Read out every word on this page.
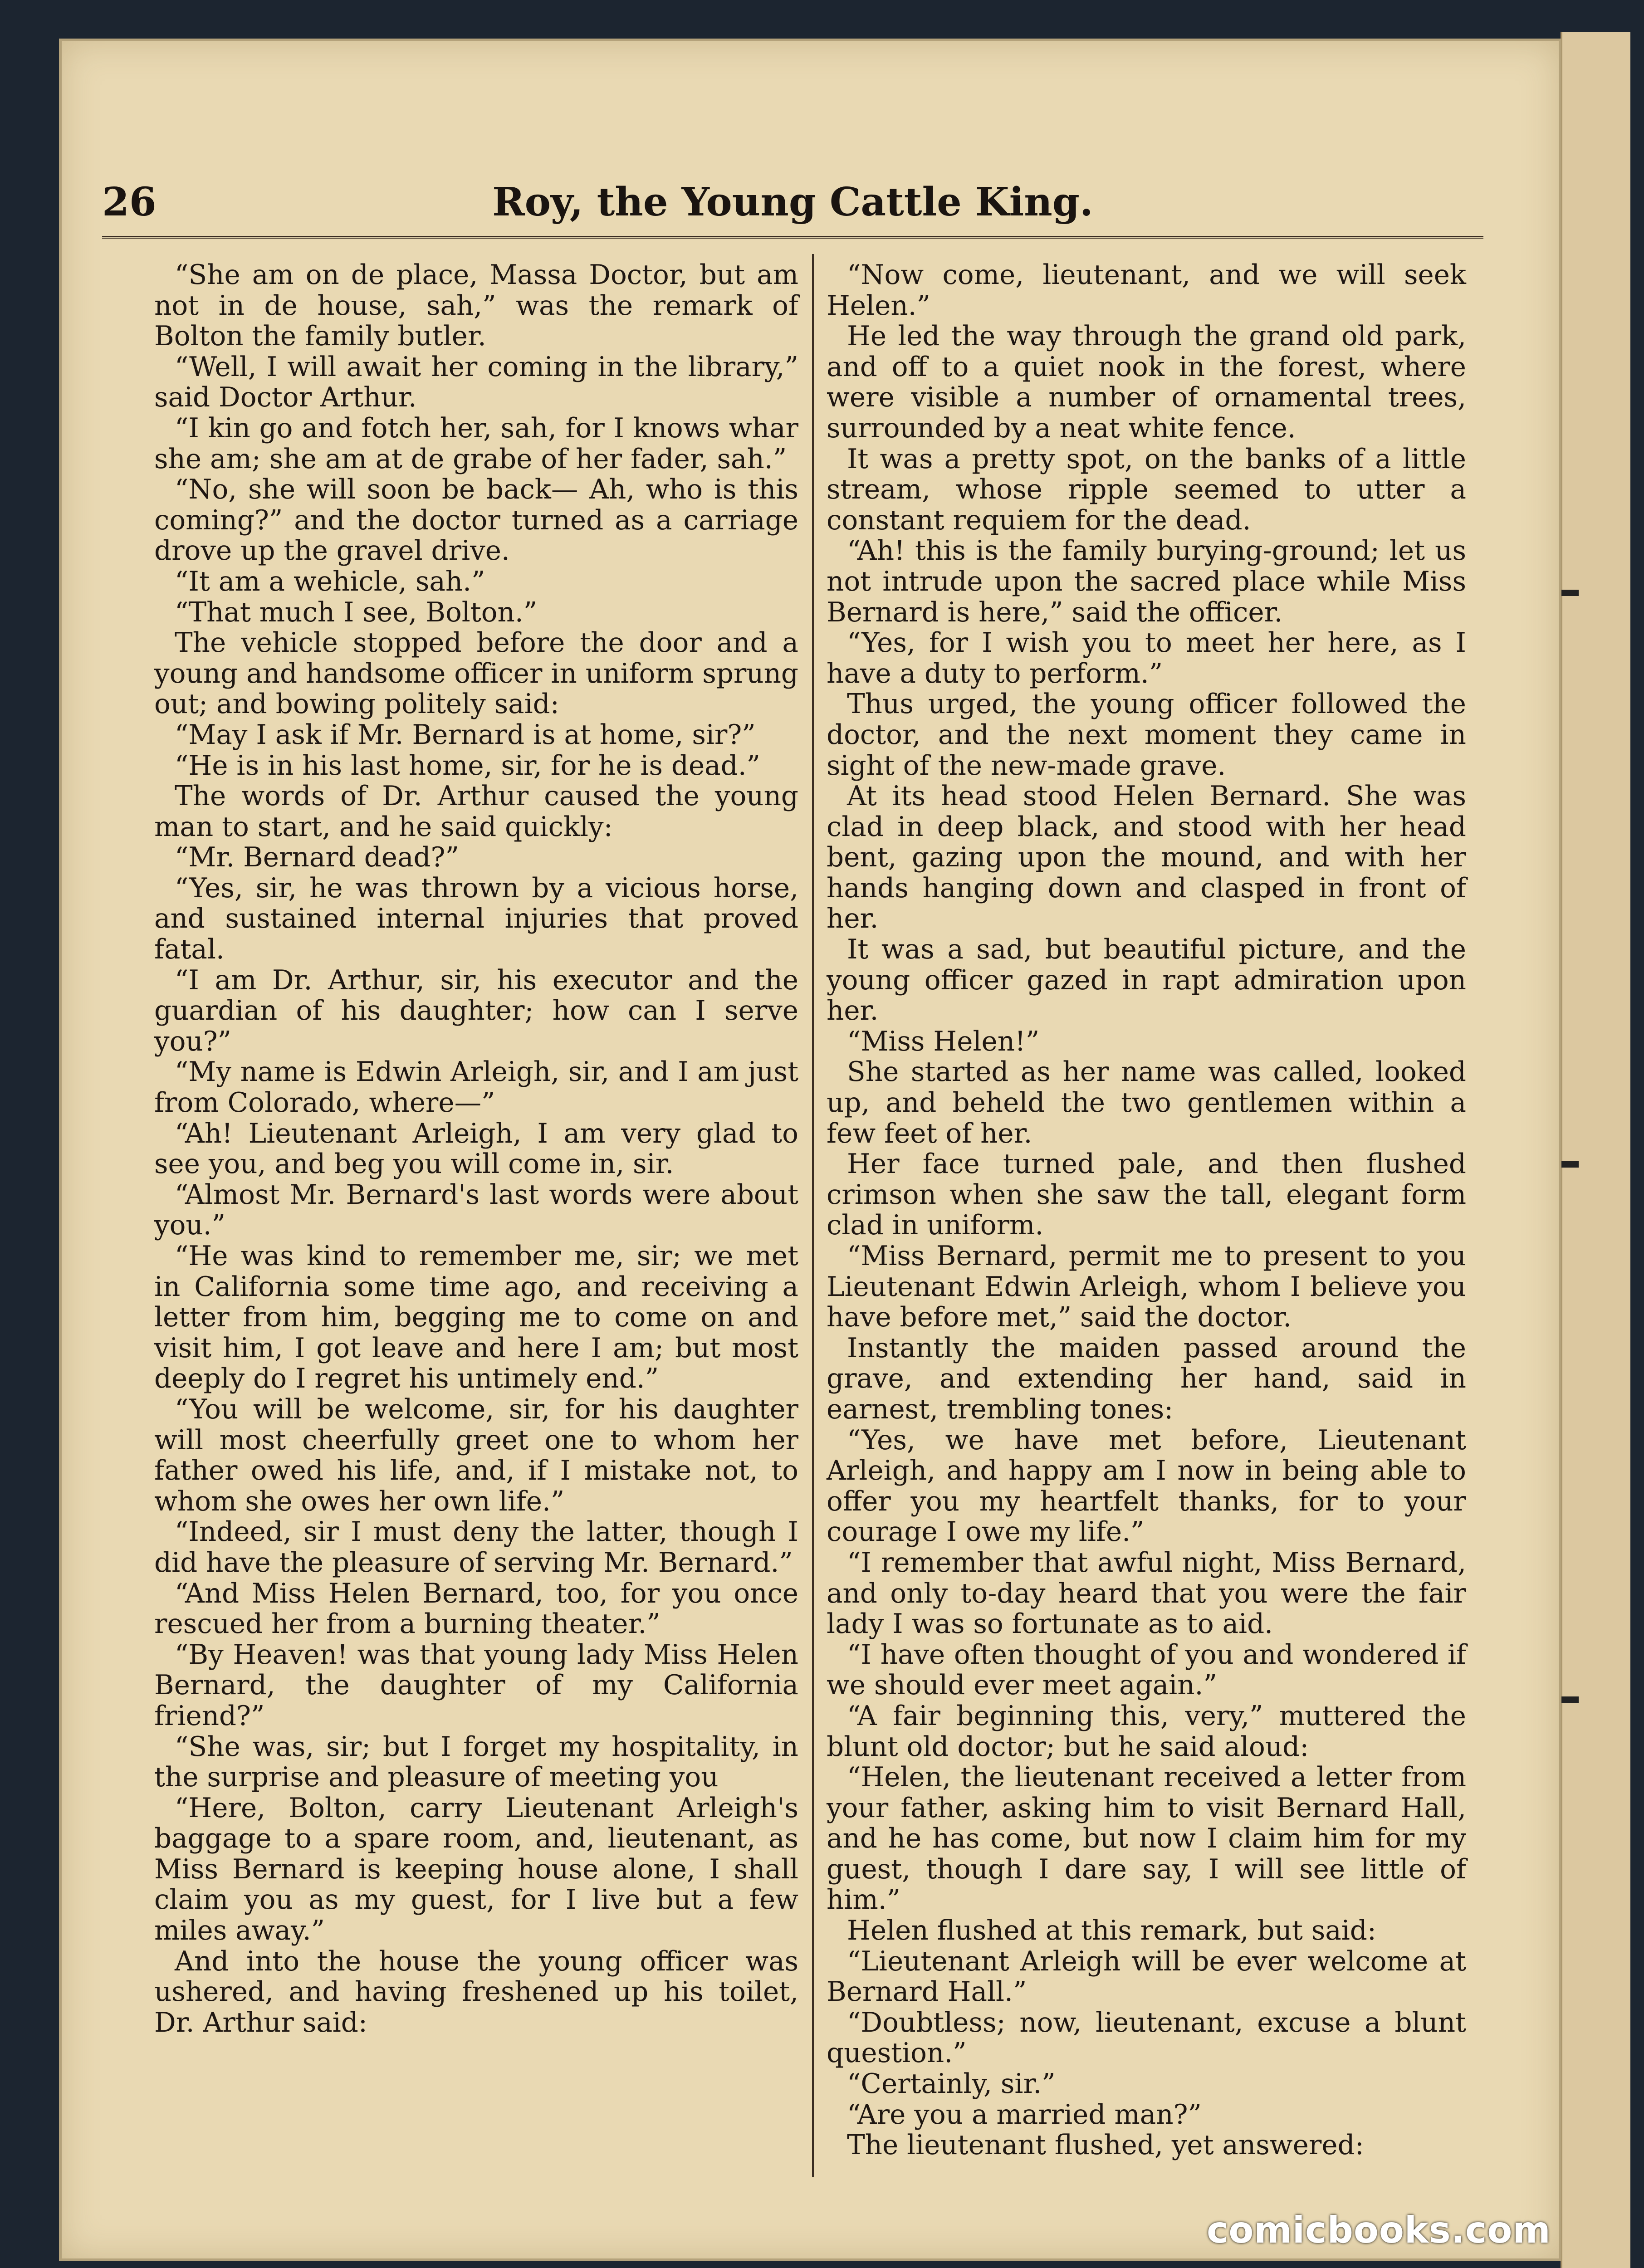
26	Roy, the Young Cattle King.

“She am on de place, Massa Doctor, but am not in de house, sah,” was the remark of Bolton the family butler.

“Well, I will await her coming in the library,” said Doctor Arthur.

“I kin go and fotch her, sah, for I knows whar she am; she am at de grabe of her fader, sah.”

“No, she will soon be back— Ah, who is this coming?” and the doctor turned as a carriage drove up the gravel drive.

“It am a wehicle, sah.”

“That much I see, Bolton.”

The vehicle stopped before the door and a young and handsome officer in uniform sprung out; and bowing politely said:

“May I ask if Mr. Bernard is at home, sir?”

“He is in his last home, sir, for he is dead.”

The words of Dr. Arthur caused the young man to start, and he said quickly:

“Mr. Bernard dead?”

“Yes, sir, he was thrown by a vicious horse, and sustained internal injuries that proved fatal.

“I am Dr. Arthur, sir, his executor and the guardian of his daughter; how can I serve you?”

“My name is Edwin Arleigh, sir, and I am just from Colorado, where—”

“Ah! Lieutenant Arleigh, I am very glad to see you, and beg you will come in, sir.

“Almost Mr. Bernard's last words were about you.”

“He was kind to remember me, sir; we met in California some time ago, and receiving a letter from him, begging me to come on and visit him, I got leave and here I am; but most deeply do I regret his untimely end.”

“You will be welcome, sir, for his daughter will most cheerfully greet one to whom her father owed his life, and, if I mistake not, to whom she owes her own life.”

“Indeed, sir I must deny the latter, though I did have the pleasure of serving Mr. Bernard.”

“And Miss Helen Bernard, too, for you once rescued her from a burning theater.”

“By Heaven! was that young lady Miss Helen Bernard, the daughter of my California friend?”

“She was, sir; but I forget my hospitality, in the surprise and pleasure of meeting you

“Here, Bolton, carry Lieutenant Arleigh's baggage to a spare room, and, lieutenant, as Miss Bernard is keeping house alone, I shall claim you as my guest, for I live but a few miles away.”

And into the house the young officer was ushered, and having freshened up his toilet, Dr. Arthur said:

“Now come, lieutenant, and we will seek Helen.”

He led the way through the grand old park, and off to a quiet nook in the forest, where were visible a number of ornamental trees, surrounded by a neat white fence.

It was a pretty spot, on the banks of a little stream, whose ripple seemed to utter a constant requiem for the dead.

“Ah! this is the family burying-ground; let us not intrude upon the sacred place while Miss Bernard is here,” said the officer.

“Yes, for I wish you to meet her here, as I have a duty to perform.”

Thus urged, the young officer followed the doctor, and the next moment they came in sight of the new-made grave.

At its head stood Helen Bernard. She was clad in deep black, and stood with her head bent, gazing upon the mound, and with her hands hanging down and clasped in front of her.

It was a sad, but beautiful picture, and the young officer gazed in rapt admiration upon her.

“Miss Helen!”

She started as her name was called, looked up, and beheld the two gentlemen within a few feet of her.

Her face turned pale, and then flushed crimson when she saw the tall, elegant form clad in uniform.

“Miss Bernard, permit me to present to you Lieutenant Edwin Arleigh, whom I believe you have before met,” said the doctor.

Instantly the maiden passed around the grave, and extending her hand, said in earnest, trembling tones:

“Yes, we have met before, Lieutenant Arleigh, and happy am I now in being able to offer you my heartfelt thanks, for to your courage I owe my life.”

“I remember that awful night, Miss Bernard, and only to-day heard that you were the fair lady I was so fortunate as to aid.

“I have often thought of you and wondered if we should ever meet again.”

“A fair beginning this, very,” muttered the blunt old doctor; but he said aloud:

“Helen, the lieutenant received a letter from your father, asking him to visit Bernard Hall, and he has come, but now I claim him for my guest, though I dare say, I will see little of him.”

Helen flushed at this remark, but said:

“Lieutenant Arleigh will be ever welcome at Bernard Hall.”

“Doubtless; now, lieutenant, excuse a blunt question.”

“Certainly, sir.”

“Are you a married man?”

The lieutenant flushed, yet answered:

comicbooks.com
